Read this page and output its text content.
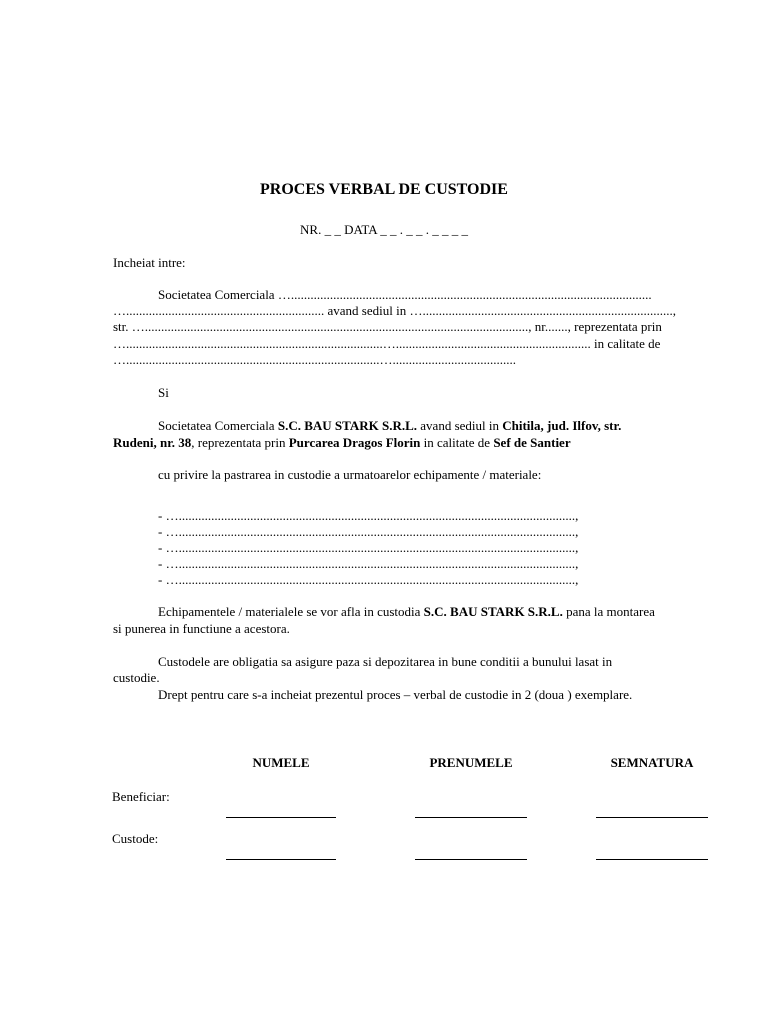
PROCES VERBAL DE CUSTODIE
NR. _ _ DATA _ _ . _ _ . _ _ _ _
Incheiat intre:
Societatea Comerciala …...............................................................................................................
…............................................................. avand sediul in ….............................................................................,
str. …......................................................................................................................, nr......., reprezentata prin
…...............................................................................…............................................................ in calitate de
…..............................................................................…......................................
Si
Societatea Comerciala S.C. BAU STARK S.R.L. avand sediul in Chitila, jud. Ilfov, str.
Rudeni, nr. 38, reprezentata prin Purcarea Dragos Florin in calitate de Sef de Santier
cu privire la pastrarea in custodie a urmatoarelor echipamente / materiale:
- …..........................................................................................................................,
- …..........................................................................................................................,
- …..........................................................................................................................,
- …..........................................................................................................................,
- …..........................................................................................................................,
Echipamentele / materialele se vor afla in custodia S.C. BAU STARK S.R.L. pana la montarea
si punerea in functiune a acestora.
Custodele are obligatia sa asigure paza si depozitarea in bune conditii a bunului lasat in
custodie.
Drept pentru care s-a incheiat prezentul proces – verbal de custodie in 2 (doua ) exemplare.
NUMELE	PRENUMELE	SEMNATURA
Beneficiar:
Custode:
